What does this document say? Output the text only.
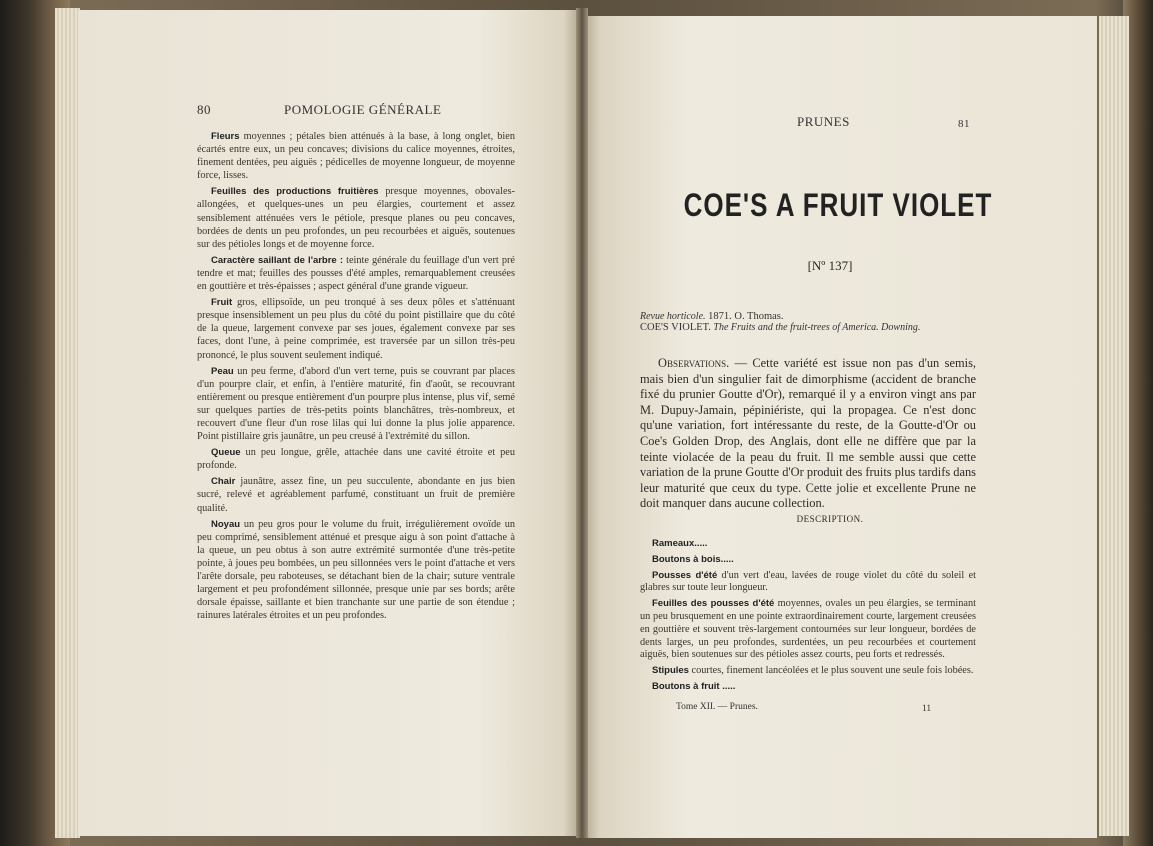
80	POMOLOGIE GÉNÉRALE

Fleurs moyennes ; pétales bien atténués à la base, à long onglet, bien écartés entre eux, un peu concaves; divisions du calice moyennes, étroites, finement dentées, peu aiguës ; pédicelles de moyenne longueur, de moyenne force, lisses.

Feuilles des productions fruitières presque moyennes, obovales-allongées, et quelques-unes un peu élargies, courtement et assez sensiblement atténuées vers le pétiole, presque planes ou peu concaves, bordées de dents un peu profondes, un peu recourbées et aiguës, soutenues sur des pétioles longs et de moyenne force.

Caractère saillant de l'arbre : teinte générale du feuillage d'un vert pré tendre et mat; feuilles des pousses d'été amples, remarquablement creusées en gouttière et très-épaisses ; aspect général d'une grande vigueur.

Fruit gros, ellipsoïde, un peu tronqué à ses deux pôles et s'atténuant presque insensiblement un peu plus du côté du point pistillaire que du côté de la queue, largement convexe par ses joues, également convexe par ses faces, dont l'une, à peine comprimée, est traversée par un sillon très-peu prononcé, le plus souvent seulement indiqué.

Peau un peu ferme, d'abord d'un vert terne, puis se couvrant par places d'un pourpre clair, et enfin, à l'entière maturité, fin d'août, se recouvrant entièrement ou presque entièrement d'un pourpre plus intense, plus vif, semé sur quelques parties de très-petits points blanchâtres, très-nombreux, et recouvert d'une fleur d'un rose lilas qui lui donne la plus jolie apparence. Point pistillaire gris jaunâtre, un peu creusé à l'extrémité du sillon.

Queue un peu longue, grêle, attachée dans une cavité étroite et peu profonde.

Chair jaunâtre, assez fine, un peu succulente, abondante en jus bien sucré, relevé et agréablement parfumé, constituant un fruit de première qualité.

Noyau un peu gros pour le volume du fruit, irrégulièrement ovoïde un peu comprimé, sensiblement atténué et presque aigu à son point d'attache à la queue, un peu obtus à son autre extrémité surmontée d'une très-petite pointe, à joues peu bombées, un peu sillonnées vers le point d'attache et vers l'arête dorsale, peu raboteuses, se détachant bien de la chair; suture ventrale largement et peu profondément sillonnée, presque unie par ses bords; arête dorsale épaisse, saillante et bien tranchante sur une partie de son étendue ; rainures latérales étroites et un peu profondes.

PRUNES	81
COE'S A FRUIT VIOLET
[Nº 137]
Revue horticole. 1871. O. Thomas.
COE'S VIOLET. The Fruits and the fruit-trees of America. Downing.

Observations. — Cette variété est issue non pas d'un semis, mais bien d'un singulier fait de dimorphisme (accident de branche fixé du prunier Goutte d'Or), remarqué il y a environ vingt ans par M. Dupuy-Jamain, pépiniériste, qui la propagea. Ce n'est donc qu'une variation, fort intéressante du reste, de la Goutte-d'Or ou Coe's Golden Drop, des Anglais, dont elle ne diffère que par la teinte violacée de la peau du fruit. Il me semble aussi que cette variation de la prune Goutte d'Or produit des fruits plus tardifs dans leur maturité que ceux du type. Cette jolie et excellente Prune ne doit manquer dans aucune collection.

DESCRIPTION.

Rameaux.....

Boutons à bois.....

Pousses d'été d'un vert d'eau, lavées de rouge violet du côté du soleil et glabres sur toute leur longueur.

Feuilles des pousses d'été moyennes, ovales un peu élargies, se terminant un peu brusquement en une pointe extraordinairement courte, largement creusées en gouttière et souvent très-largement contournées sur leur longueur, bordées de dents larges, un peu profondes, surdentées, un peu recourbées et courtement aiguës, bien soutenues sur des pétioles assez courts, peu forts et redressés.

Stipules courtes, finement lancéolées et le plus souvent une seule fois lobées.

Boutons à fruit .....

Tome XII. — Prunes.	11
